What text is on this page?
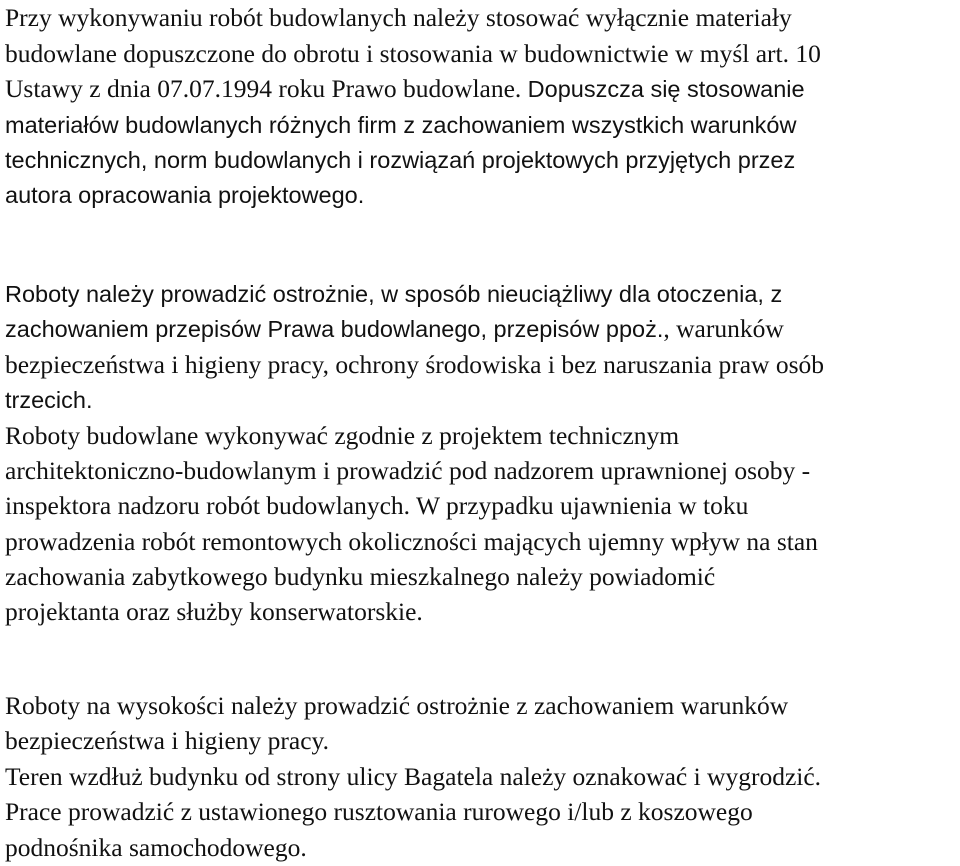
Przy wykonywaniu robót budowlanych należy stosować wyłącznie materiały
budowlane dopuszczone do obrotu i stosowania w budownictwie w myśl art. 10
Ustawy z dnia 07.07.1994 roku Prawo budowlane. Dopuszcza się stosowanie
materiałów budowlanych różnych firm z zachowaniem wszystkich warunków
technicznych, norm budowlanych i rozwiązań projektowych przyjętych przez
autora opracowania projektowego.
Roboty należy prowadzić ostrożnie, w sposób nieuciążliwy dla otoczenia, z
zachowaniem przepisów Prawa budowlanego, przepisów ppoż., warunków
bezpieczeństwa i higieny pracy, ochrony środowiska i bez naruszania praw osób
trzecich.
Roboty budowlane wykonywać zgodnie z projektem technicznym
architektoniczno-budowlanym i prowadzić pod nadzorem uprawnionej osoby -
inspektora nadzoru robót budowlanych. W przypadku ujawnienia w toku
prowadzenia robót remontowych okoliczności mających ujemny wpływ na stan
zachowania zabytkowego budynku mieszkalnego należy powiadomić
projektanta oraz służby konserwatorskie.
Roboty na wysokości należy prowadzić ostrożnie z zachowaniem warunków
bezpieczeństwa i higieny pracy.
Teren wzdłuż budynku od strony ulicy Bagatela należy oznakować i wygrodzić.
Prace prowadzić z ustawionego rusztowania rurowego i/lub z koszowego
podnośnika samochodowego.
